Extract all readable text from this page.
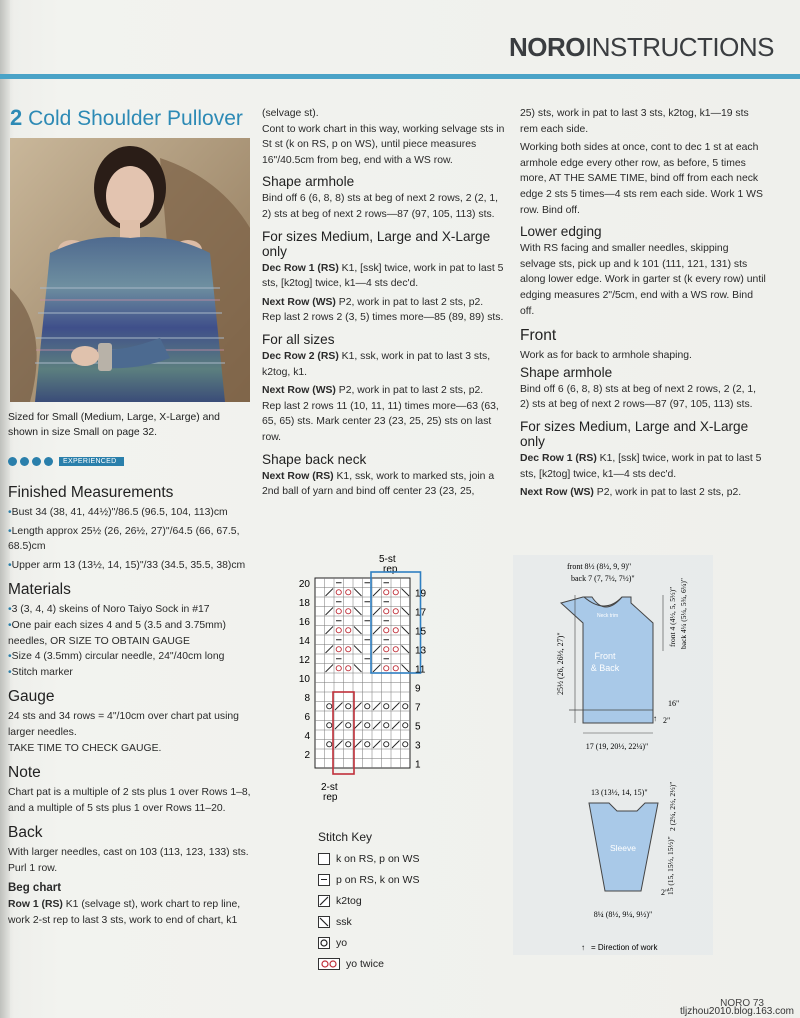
NOROINSTRUCTIONS
2 Cold Shoulder Pullover
Sized for Small (Medium, Large, X-Large) and shown in size Small on page 32.
EXPERIENCED
Finished Measurements

•Bust 34 (38, 41, 44½)"/86.5 (96.5, 104, 113)cm

•Length approx 25½ (26, 26½, 27)"/64.5 (66, 67.5, 68.5)cm

•Upper arm 13 (13½, 14, 15)"/33 (34.5, 35.5, 38)cm

Materials

•3 (3, 4, 4) skeins of Noro Taiyo Sock in #17

•One pair each sizes 4 and 5 (3.5 and 3.75mm) needles, OR SIZE TO OBTAIN GAUGE

•Size 4 (3.5mm) circular needle, 24"/40cm long

•Stitch marker

Gauge

24 sts and 34 rows = 4"/10cm over chart pat using larger needles.

TAKE TIME TO CHECK GAUGE.

Note

Chart pat is a multiple of 2 sts plus 1 over Rows 1–8, and a multiple of 5 sts plus 1 over Rows 11–20.

Back

With larger needles, cast on 103 (113, 123, 133) sts. Purl 1 row.

Beg chart

Row 1 (RS) K1 (selvage st), work chart to rep line, work 2-st rep to last 3 sts, work to end of chart, k1

(selvage st).

Cont to work chart in this way, working selvage sts in St st (k on RS, p on WS), until piece measures 16"/40.5cm from beg, end with a WS row.

Shape armhole

Bind off 6 (6, 8, 8) sts at beg of next 2 rows, 2 (2, 1, 2) sts at beg of next 2 rows—87 (97, 105, 113) sts.

For sizes Medium, Large and X-Large only

Dec Row 1 (RS) K1, [ssk] twice, work in pat to last 5 sts, [k2tog] twice, k1—4 sts dec'd.

Next Row (WS) P2, work in pat to last 2 sts, p2.

Rep last 2 rows 2 (3, 5) times more—85 (89, 89) sts.

For all sizes

Dec Row 2 (RS) K1, ssk, work in pat to last 3 sts, k2tog, k1.

Next Row (WS) P2, work in pat to last 2 sts, p2.

Rep last 2 rows 11 (10, 11, 11) times more—63 (63, 65, 65) sts. Mark center 23 (23, 25, 25) sts on last row.

Shape back neck

Next Row (RS) K1, ssk, work to marked sts, join a 2nd ball of yarn and bind off center 23 (23, 25,

5-st
rep
20
18
16
14
12
10
8
6
4
2
19
17
15
13
11
9
7
5
3
1
2-st
rep
Stitch Key
k on RS, p on WS
p on RS, k on WS
k2tog
ssk
yo
yo twice

25) sts, work in pat to last 3 sts, k2tog, k1—19 sts rem each side.

Working both sides at once, cont to dec 1 st at each armhole edge every other row, as before, 5 times more, AT THE SAME TIME, bind off from each neck edge 2 sts 5 times—4 sts rem each side. Work 1 WS row. Bind off.

Lower edging

With RS facing and smaller needles, skipping selvage sts, pick up and k 101 (111, 121, 131) sts along lower edge. Work in garter st (k every row) until edging measures 2"/5cm, end with a WS row. Bind off.

Front

Work as for back to armhole shaping.

Shape armhole

Bind off 6 (6, 8, 8) sts at beg of next 2 rows, 2 (2, 1, 2) sts at beg of next 2 rows—87 (97, 105, 113) sts.

For sizes Medium, Large and X-Large only

Dec Row 1 (RS) K1, [ssk] twice, work in pat to last 5 sts, [k2tog] twice, k1—4 sts dec'd.

Next Row (WS) P2, work in pat to last 2 sts, p2.

front 8½ (8½, 9, 9)"
back 7 (7, 7½, 7½)"
Neck trim
Front
& Back
↑
25½ (26, 26½, 27)"
front 4 (4½, 5, 5½)" back 4¼ (5¼, 5¾, 6¼)"
16"
2"
17 (19, 20½, 22¼)"
13 (13½, 14, 15)"
Sleeve
2 (2¼, 2½, 2½)"
15 (15, 15½, 15½)"
2"
8¼ (8½, 9¼, 9½)"
↑ = Direction of work
NORO 73
tljzhou2010.blog.163.com
